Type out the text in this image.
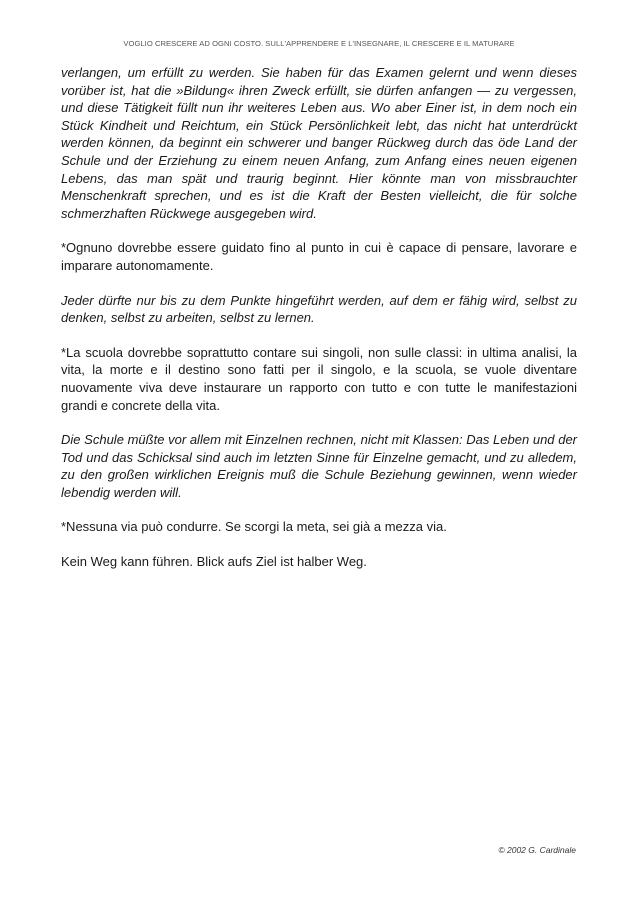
VOGLIO CRESCERE AD OGNI COSTO. SULL'APPRENDERE E L'INSEGNARE, IL CRESCERE E IL MATURARE

verlangen, um erfüllt zu werden. Sie haben für das Examen gelernt und wenn dieses vorüber ist, hat die »Bildung« ihren Zweck erfüllt, sie dürfen anfangen — zu vergessen, und diese Tätigkeit füllt nun ihr weiteres Leben aus. Wo aber Einer ist, in dem noch ein Stück Kindheit und Reichtum, ein Stück Persönlichkeit lebt, das nicht hat unterdrückt werden können, da beginnt ein schwerer und banger Rückweg durch das öde Land der Schule und der Erziehung zu einem neuen Anfang, zum Anfang eines neuen eigenen Lebens, das man spät und traurig beginnt. Hier könnte man von missbrauchter Menschenkraft sprechen, und es ist die Kraft der Besten vielleicht, die für solche schmerzhaften Rückwege ausgegeben wird.

*Ognuno dovrebbe essere guidato fino al punto in cui è capace di pensare, lavorare e imparare autonomamente.

Jeder dürfte nur bis zu dem Punkte hingeführt werden, auf dem er fähig wird, selbst zu denken, selbst zu arbeiten, selbst zu lernen.

*La scuola dovrebbe soprattutto contare sui singoli, non sulle classi: in ultima analisi, la vita, la morte e il destino sono fatti per il singolo, e la scuola, se vuole diventare nuovamente viva deve instaurare un rapporto con tutto e con tutte le manifestazioni grandi e concrete della vita.

Die Schule müßte vor allem mit Einzelnen rechnen, nicht mit Klassen: Das Leben und der Tod und das Schicksal sind auch im letzten Sinne für Einzelne gemacht, und zu alledem, zu den großen wirklichen Ereignis muß die Schule Beziehung gewinnen, wenn wieder lebendig werden will.

*Nessuna via può condurre. Se scorgi la meta, sei già a mezza via.

Kein Weg kann führen. Blick aufs Ziel ist halber Weg.

© 2002 G. Cardinale
